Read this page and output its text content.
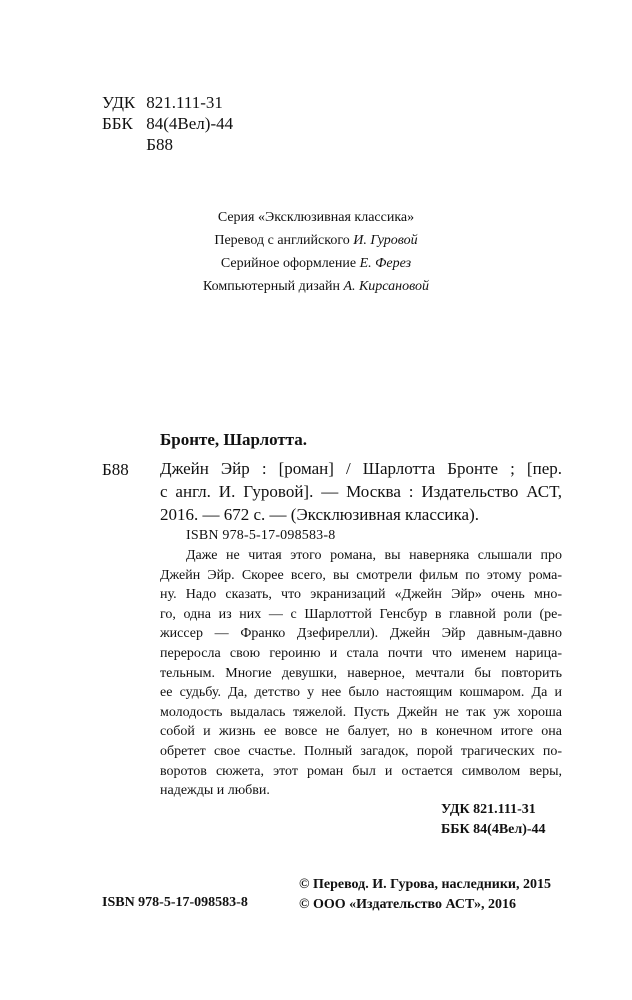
УДК 821.111-31
ББК 84(4Вел)-44
Б88
Серия «Эксклюзивная классика»
Перевод с английского И. Гуровой
Серийное оформление Е. Ферез
Компьютерный дизайн А. Кирсановой
Бронте, Шарлотта.
Б88 Джейн Эйр : [роман] / Шарлотта Бронте ; [пер.
с англ. И. Гуровой]. — Москва : Издательство АСТ,
2016. — 672 с. — (Эксклюзивная классика).
ISBN 978-5-17-098583-8
Даже не читая этого романа, вы наверняка слышали про
Джейн Эйр. Скорее всего, вы смотрели фильм по этому рома-
ну. Надо сказать, что экранизаций «Джейн Эйр» очень мно-
го, одна из них — с Шарлоттой Генсбур в главной роли (ре-
жиссер — Франко Дзефирелли). Джейн Эйр давным-давно
переросла свою героиню и стала почти что именем нарица-
тельным. Многие девушки, наверное, мечтали бы повторить
ее судьбу. Да, детство у нее было настоящим кошмаром. Да и
молодость выдалась тяжелой. Пусть Джейн не так уж хороша
собой и жизнь ее вовсе не балует, но в конечном итоге она
обретет свое счастье. Полный загадок, порой трагических по-
воротов сюжета, этот роман был и остается символом веры,
надежды и любви.
УДК 821.111-31
ББК 84(4Вел)-44
ISBN 978-5-17-098583-8
© Перевод. И. Гурова, наследники, 2015
© ООО «Издательство АСТ», 2016
